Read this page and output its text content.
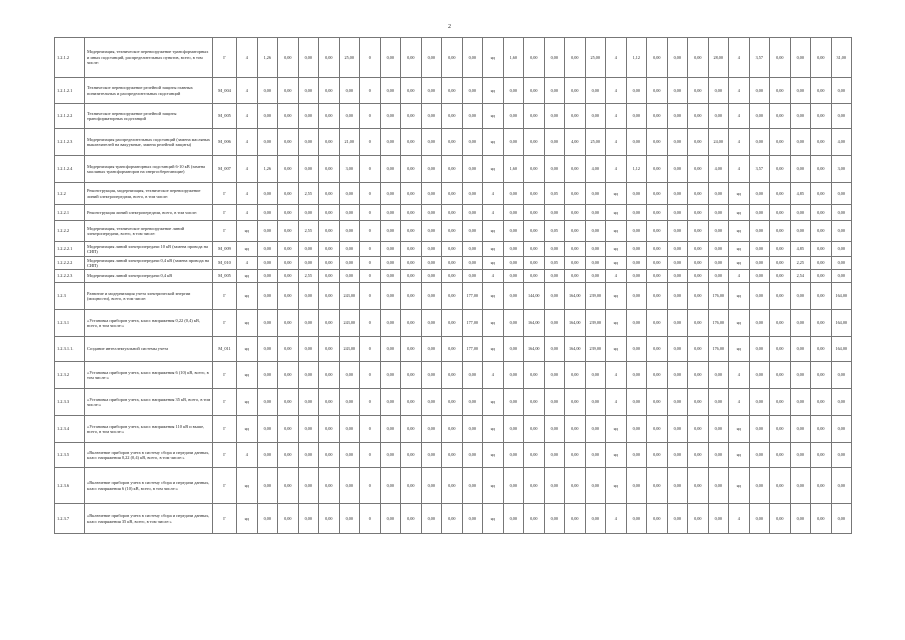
2
1.2.1.2	Модернизация, техническое перевооружение трансформаторных и иных подстанций, распределительных пунктов, всего, в том числе:	Г	4	1,26	0,00	0,00	0,00	25,00	0	0,00	0,00	0,00	0,00	0,00	нд	1,60	0,00	0,00	0,00	25,00	4	1,12	0,00	0,00	0,00	28,00	4	3,57	0,00	0,00	0,00	31,00
1.2.1.2.1	Техническое перевооружение релейной защиты главных понизительных и распределительных подстанций	М_004	4	0,00	0,00	0,00	0,00	0,00	0	0,00	0,00	0,00	0,00	0,00	нд	0,00	0,00	0,00	0,00	0,00	4	0,00	0,00	0,00	0,00	0,00	4	0,00	0,00	0,00	0,00	0,00
1.2.1.2.2	Техническое перевооружение релейной защиты трансформаторных подстанций	М_005	4	0,00	0,00	0,00	0,00	0,00	0	0,00	0,00	0,00	0,00	0,00	нд	0,00	0,00	0,00	0,00	0,00	4	0,00	0,00	0,00	0,00	0,00	4	0,00	0,00	0,00	0,00	0,00
1.2.1.2.3	Модернизация распределительных подстанций (замена масляных выключателей на вакуумные, замена релейной защиты)	М_006	4	0,00	0,00	0,00	0,00	21,00	0	0,00	0,00	0,00	0,00	0,00	нд	0,00	0,00	0,00	4,00	25,00	4	0,00	0,00	0,00	0,00	24,00	4	0,00	0,00	0,00	0,00	4,00
1.2.1.2.4	Модернизация трансформаторных подстанций 6-10 кВ (замена масляных трансформаторов на энергосберегающие)	М_007	4	1,26	0,00	0,00	0,00	3,00	0	0,00	0,00	0,00	0,00	0,00	нд	1,60	0,00	0,00	0,00	4,00	4	1,12	0,00	0,00	0,00	4,00	4	3,57	0,00	0,00	0,00	3,00
1.2.2	Реконструкция, модернизация, техническое перевооружение линий электропередачи, всего, в том числе:	Г	4	0,00	0,00	2,55	0,00	0,00	0	0,00	0,00	0,00	0,00	0,00	4	0,00	0,00	0,05	0,00	0,00	нд	0,00	0,00	0,00	0,00	0,00	нд	0,00	0,00	4,85	0,00	0,00
1.2.2.1	Реконструкция линий электропередачи, всего, в том числе:	Г	4	0,00	0,00	0,00	0,00	0,00	0	0,00	0,00	0,00	0,00	0,00	4	0,00	0,00	0,00	0,00	0,00	нд	0,00	0,00	0,00	0,00	0,00	нд	0,00	0,00	0,00	0,00	0,00
1.2.2.2	Модернизация, техническое перевооружение линий электропередачи, всего, в том числе:	Г	нд	0,00	0,00	2,55	0,00	0,00	0	0,00	0,00	0,00	0,00	0,00	нд	0,00	0,00	0,05	0,00	0,00	нд	0,00	0,00	0,00	0,00	0,00	нд	0,00	0,00	0,00	0,00	0,00
1.2.2.2.1	Модернизация линий электропередачи 10 кВ (замена провода на СИП)	М_009	нд	0,00	0,00	0,00	0,00	0,00	0	0,00	0,00	0,00	0,00	0,00	нд	0,00	0,00	0,00	0,00	0,00	нд	0,00	0,00	0,00	0,00	0,00	нд	0,00	0,00	4,85	0,00	0,00
1.2.2.2.2	Модернизация линий электропередачи 0,4 кВ (замена провода на СИП)	М_010	4	0,00	0,00	0,00	0,00	0,00	0	0,00	0,00	0,00	0,00	0,00	нд	0,00	0,00	0,05	0,00	0,00	нд	0,00	0,00	0,00	0,00	0,00	нд	0,00	0,00	2,25	0,00	0,00
1.2.2.2.3	Модернизация линий электропередачи 0,4 кВ	М_005	нд	0,00	0,00	2,55	0,00	0,00	0	0,00	0,00	0,00	0,00	0,00	4	0,00	0,00	0,00	0,00	0,00	4	0,00	0,00	0,00	0,00	0,00	4	0,00	0,00	2,54	0,00	0,00
1.2.3	Развитие и модернизация учета электрической энергии (мощности), всего, в том числе:	Г	нд	0,00	0,00	0,00	0,00	243,00	0	0,00	0,00	0,00	0,00	177,00	нд	0,00	144,00	0,00	164,00	239,00	нд	0,00	0,00	0,00	0,00	176,00	нд	0,00	0,00	0,00	0,00	164,00
1.2.3.1	«Установка приборов учета, класс напряжения 0,22 (0,4) кВ, всего, в том числе:»	Г	нд	0,00	0,00	0,00	0,00	243,00	0	0,00	0,00	0,00	0,00	177,00	нд	0,00	164,00	0,00	164,00	239,00	нд	0,00	0,00	0,00	0,00	176,00	нд	0,00	0,00	0,00	0,00	164,00
1.2.3.1.1.	Создание интеллектуальной системы учета	М_011	нд	0,00	0,00	0,00	0,00	243,00	0	0,00	0,00	0,00	0,00	177,00	нд	0,00	164,00	0,00	164,00	239,00	нд	0,00	0,00	0,00	0,00	176,00	нд	0,00	0,00	0,00	0,00	164,00
1.2.3.2	«Установка приборов учета, класс напряжения 6 (10) кВ, всего, в том числе:»	Г	нд	0,00	0,00	0,00	0,00	0,00	0	0,00	0,00	0,00	0,00	0,00	4	0,00	0,00	0,00	0,00	0,00	4	0,00	0,00	0,00	0,00	0,00	4	0,00	0,00	0,00	0,00	0,00
1.2.3.3	«Установка приборов учета, класс напряжения 35 кВ, всего, в том числе:»	Г	нд	0,00	0,00	0,00	0,00	0,00	0	0,00	0,00	0,00	0,00	0,00	нд	0,00	0,00	0,00	0,00	0,00	4	0,00	0,00	0,00	0,00	0,00	4	0,00	0,00	0,00	0,00	0,00
1.2.3.4	«Установка приборов учета, класс напряжения 110 кВ и выше, всего, в том числе:»	Г	нд	0,00	0,00	0,00	0,00	0,00	0	0,00	0,00	0,00	0,00	0,00	нд	0,00	0,00	0,00	0,00	0,00	нд	0,00	0,00	0,00	0,00	0,00	нд	0,00	0,00	0,00	0,00	0,00
1.2.3.5	«Включение приборов учета в систему сбора и передачи данных, класс напряжения 0,22 (0,4) кВ, всего, в том числе:»	Г	4	0,00	0,00	0,00	0,00	0,00	0	0,00	0,00	0,00	0,00	0,00	нд	0,00	0,00	0,00	0,00	0,00	нд	0,00	0,00	0,00	0,00	0,00	нд	0,00	0,00	0,00	0,00	0,00
1.2.3.6	«Включение приборов учета в систему сбора и передачи данных, класс напряжения 6 (10) кВ, всего, в том числе:»	Г	нд	0,00	0,00	0,00	0,00	0,00	0	0,00	0,00	0,00	0,00	0,00	нд	0,00	0,00	0,00	0,00	0,00	нд	0,00	0,00	0,00	0,00	0,00	нд	0,00	0,00	0,00	0,00	0,00
1.2.3.7	«Включение приборов учета в систему сбора и передачи данных, класс напряжения 35 кВ, всего, в том числе:»	Г	нд	0,00	0,00	0,00	0,00	0,00	0	0,00	0,00	0,00	0,00	0,00	нд	0,00	0,00	0,00	0,00	0,00	4	0,00	0,00	0,00	0,00	0,00	4	0,00	0,00	0,00	0,00	0,00
